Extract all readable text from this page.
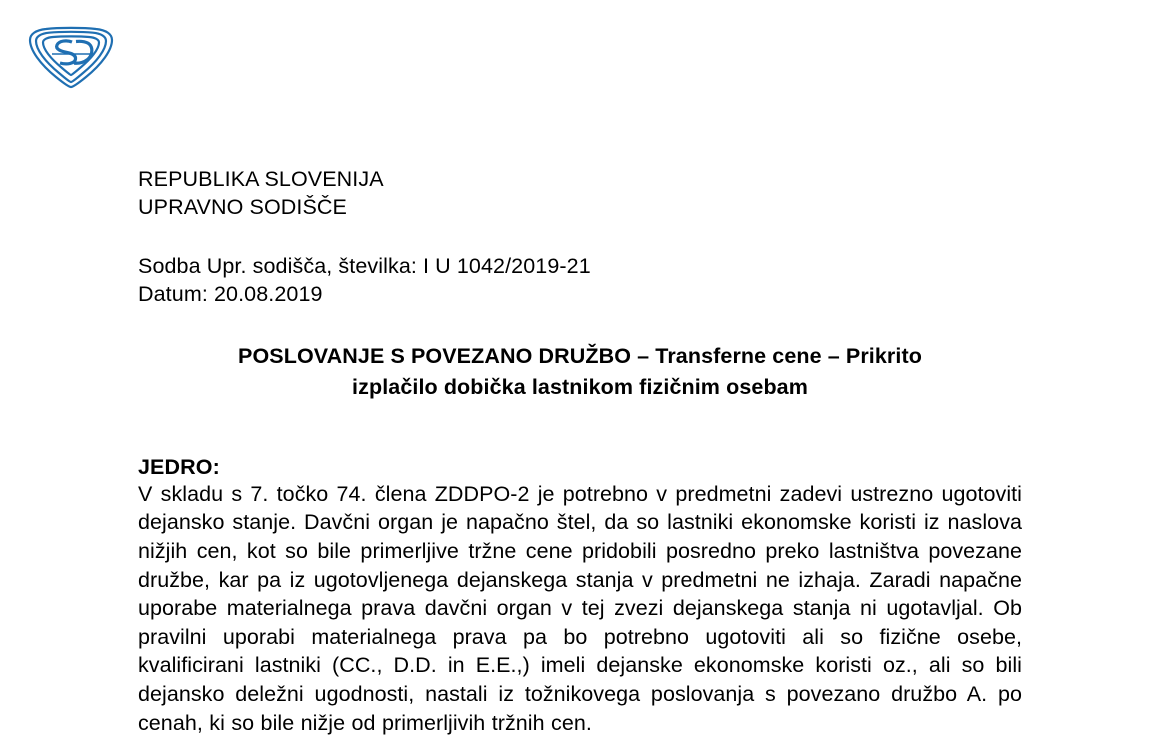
REPUBLIKA SLOVENIJA
UPRAVNO SODIŠČE
Sodba Upr. sodišča, številka: I U 1042/2019-21
Datum: 20.08.2019
POSLOVANJE S POVEZANO DRUŽBO – Transferne cene – Prikrito
izplačilo dobička lastnikom fizičnim osebam
JEDRO:
V skladu s 7. točko 74. člena ZDDPO-2 je potrebno v predmetni zadevi ustrezno ugotoviti dejansko stanje. Davčni organ je napačno štel, da so lastniki ekonomske koristi iz naslova nižjih cen, kot so bile primerljive tržne cene pridobili posredno preko lastništva povezane družbe, kar pa iz ugotovljenega dejanskega stanja v predmetni ne izhaja. Zaradi napačne uporabe materialnega prava davčni organ v tej zvezi dejanskega stanja ni ugotavljal. Ob pravilni uporabi materialnega prava pa bo potrebno ugotoviti ali so fizične osebe, kvalificirani lastniki (CC., D.D. in E.E.,) imeli dejanske ekonomske koristi oz., ali so bili dejansko deležni ugodnosti, nastali iz tožnikovega poslovanja s povezano družbo A. po cenah, ki so bile nižje od primerljivih tržnih cen.
